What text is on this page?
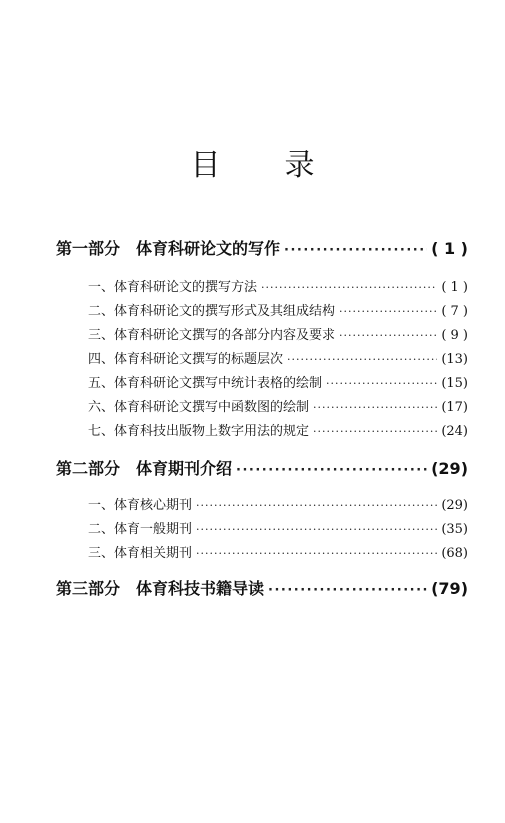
目 录
第一部分 体育科研论文的写作 ·····	( 1 )
一、体育科研论文的撰写方法 ·····	( 1 )
二、体育科研论文的撰写形式及其组成结构 ·····	( 7 )
三、体育科研论文撰写的各部分内容及要求 ·····	( 9 )
四、体育科研论文撰写的标题层次 ·····	(13)
五、体育科研论文撰写中统计表格的绘制 ·····	(15)
六、体育科研论文撰写中函数图的绘制 ·····	(17)
七、体育科技出版物上数字用法的规定 ·····	(24)
第二部分 体育期刊介绍 ·····	(29)
一、体育核心期刊 ·····	(29)
二、体育一般期刊 ·····	(35)
三、体育相关期刊 ·····	(68)
第三部分 体育科技书籍导读 ·····	(79)
